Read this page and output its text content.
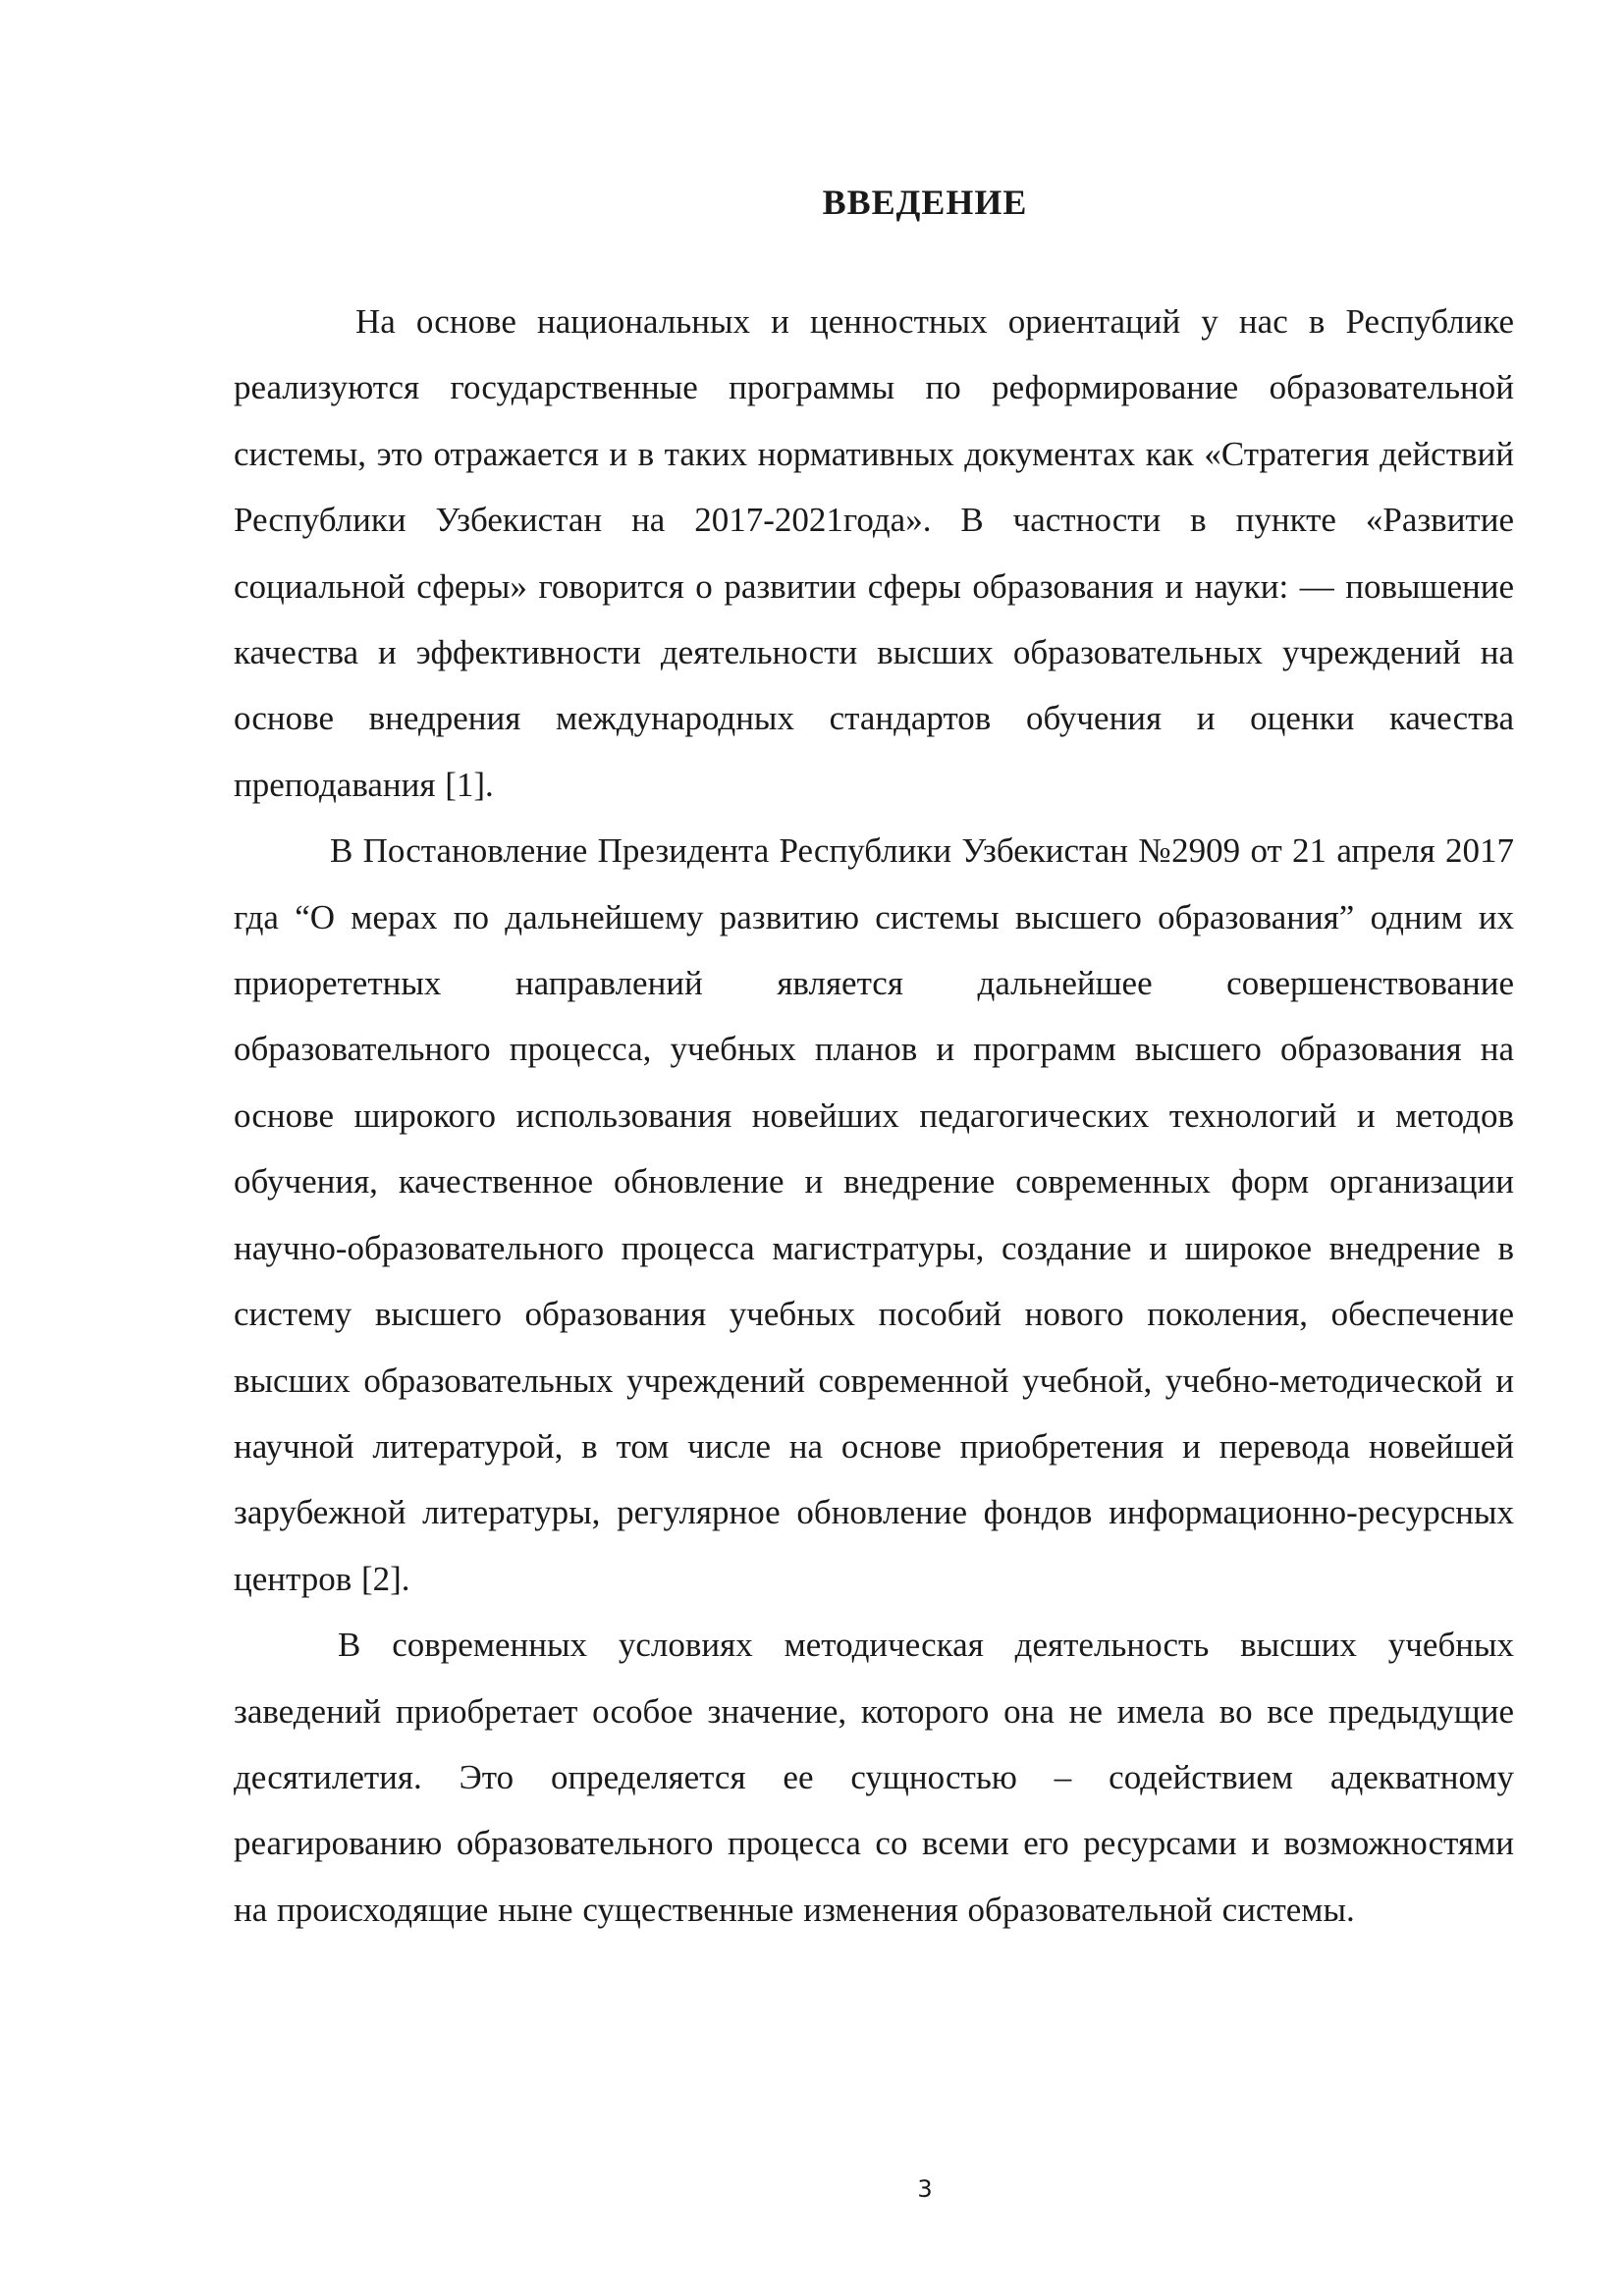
ВВЕДЕНИЕ

На основе национальных и ценностных ориентаций у нас в Республике реализуются государственные программы по реформирование образовательной системы, это отражается и в таких нормативных документах как «Стратегия действий Республики Узбекистан на 2017-2021года». В частности в пункте «Развитие социальной сферы» говорится о развитии сферы образования и науки: — повышение качества и эффективности деятельности высших образовательных учреждений на основе внедрения международных стандартов обучения и оценки качества преподавания [1].

В Постановление Президента Республики Узбекистан №2909 от 21 апреля 2017 гда “О мерах по дальнейшему развитию системы высшего образования” одним их приорететных направлений является дальнейшее совершенствование образовательного процесса, учебных планов и программ высшего образования на основе широкого использования новейших педагогических технологий и методов обучения, качественное обновление и внедрение современных форм организации научно-образовательного процесса магистратуры, создание и широкое внедрение в систему высшего образования учебных пособий нового поколения, обеспечение высших образовательных учреждений современной учебной, учебно-методической и научной литературой, в том числе на основе приобретения и перевода новейшей зарубежной литературы, регулярное обновление фондов информационно-ресурсных центров [2].

В современных условиях методическая деятельность высших учебных заведений приобретает особое значение, которого она не имела во все предыдущие десятилетия. Это определяется ее сущностью – содействием адекватному реагированию образовательного процесса со всеми его ресурсами и возможностями на происходящие ныне существенные изменения образовательной системы.

3
